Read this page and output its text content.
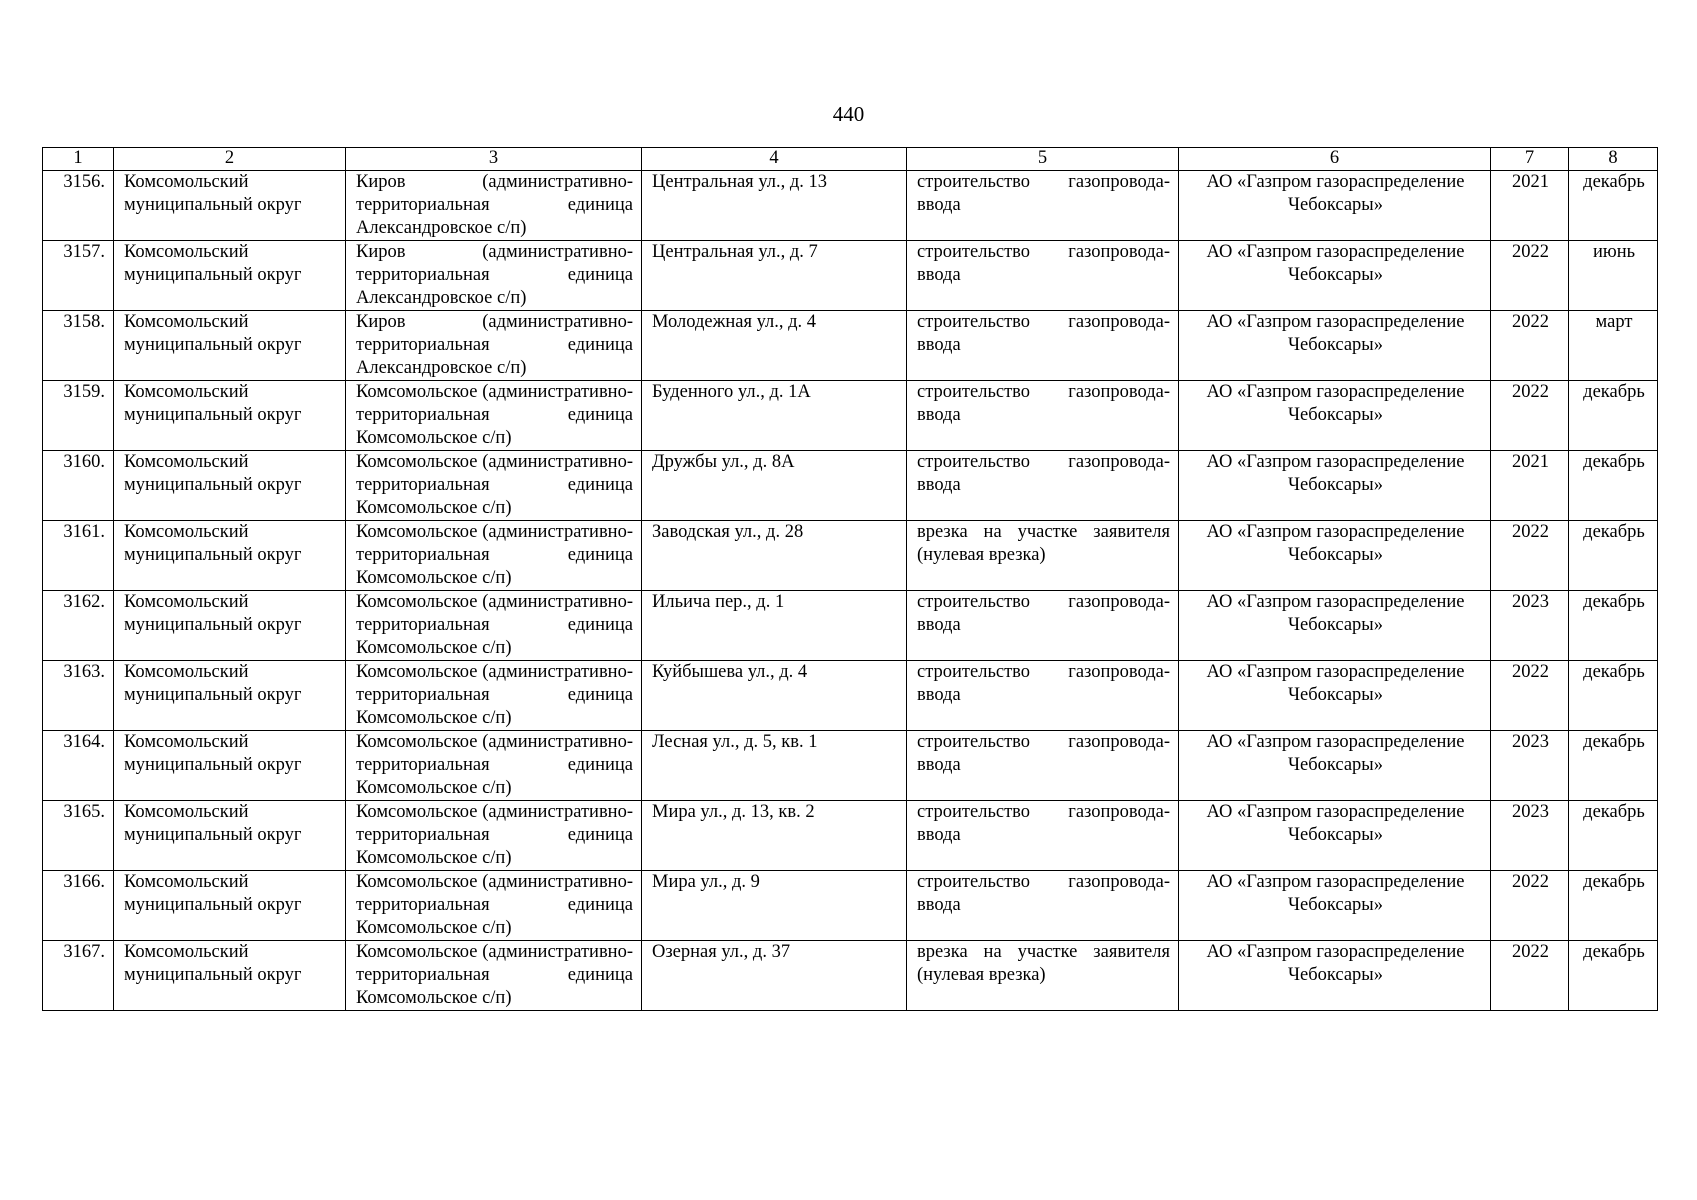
440
1	2	3	4	5	6	7	8
3156.	Комсомольский муниципальный округ	Киров (административно-территориальная единица Александровское с/п)	Центральная ул., д. 13	строительство газопровода-ввода	АО «Газпром газораспределение Чебоксары»	2021	декабрь
3157.	Комсомольский муниципальный округ	Киров (административно-территориальная единица Александровское с/п)	Центральная ул., д. 7	строительство газопровода-ввода	АО «Газпром газораспределение Чебоксары»	2022	июнь
3158.	Комсомольский муниципальный округ	Киров (административно-территориальная единица Александровское с/п)	Молодежная ул., д. 4	строительство газопровода-ввода	АО «Газпром газораспределение Чебоксары»	2022	март
3159.	Комсомольский муниципальный округ	Комсомольское (административно-территориальная единица Комсомольское с/п)	Буденного ул., д. 1А	строительство газопровода-ввода	АО «Газпром газораспределение Чебоксары»	2022	декабрь
3160.	Комсомольский муниципальный округ	Комсомольское (административно-территориальная единица Комсомольское с/п)	Дружбы ул., д. 8А	строительство газопровода-ввода	АО «Газпром газораспределение Чебоксары»	2021	декабрь
3161.	Комсомольский муниципальный округ	Комсомольское (административно-территориальная единица Комсомольское с/п)	Заводская ул., д. 28	врезка на участке заявителя (нулевая врезка)	АО «Газпром газораспределение Чебоксары»	2022	декабрь
3162.	Комсомольский муниципальный округ	Комсомольское (административно-территориальная единица Комсомольское с/п)	Ильича пер., д. 1	строительство газопровода-ввода	АО «Газпром газораспределение Чебоксары»	2023	декабрь
3163.	Комсомольский муниципальный округ	Комсомольское (административно-территориальная единица Комсомольское с/п)	Куйбышева ул., д. 4	строительство газопровода-ввода	АО «Газпром газораспределение Чебоксары»	2022	декабрь
3164.	Комсомольский муниципальный округ	Комсомольское (административно-территориальная единица Комсомольское с/п)	Лесная ул., д. 5, кв. 1	строительство газопровода-ввода	АО «Газпром газораспределение Чебоксары»	2023	декабрь
3165.	Комсомольский муниципальный округ	Комсомольское (административно-территориальная единица Комсомольское с/п)	Мира ул., д. 13, кв. 2	строительство газопровода-ввода	АО «Газпром газораспределение Чебоксары»	2023	декабрь
3166.	Комсомольский муниципальный округ	Комсомольское (административно-территориальная единица Комсомольское с/п)	Мира ул., д. 9	строительство газопровода-ввода	АО «Газпром газораспределение Чебоксары»	2022	декабрь
3167.	Комсомольский муниципальный округ	Комсомольское (административно-территориальная единица Комсомольское с/п)	Озерная ул., д. 37	врезка на участке заявителя (нулевая врезка)	АО «Газпром газораспределение Чебоксары»	2022	декабрь
